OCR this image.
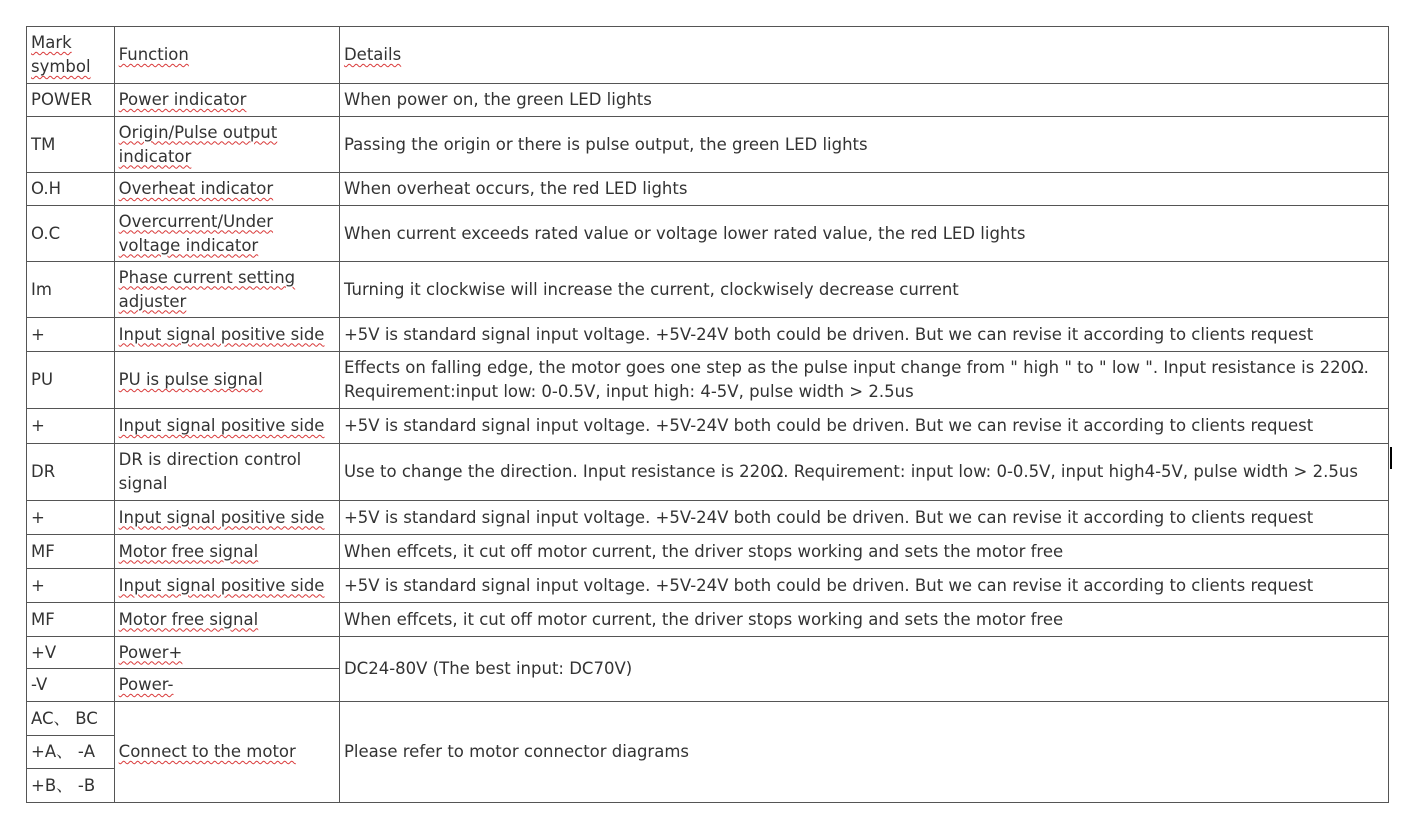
Mark symbol	Function	Details
POWER	Power indicator	When power on, the green LED lights
TM	Origin/Pulse output indicator	Passing the origin or there is pulse output, the green LED lights
O.H	Overheat indicator	When overheat occurs, the red LED lights
O.C	Overcurrent/Under voltage indicator	When current exceeds rated value or voltage lower rated value, the red LED lights
Im	Phase current setting adjuster	Turning it clockwise will increase the current, clockwisely decrease current
+	Input signal positive side	+5V is standard signal input voltage. +5V-24V both could be driven. But we can revise it according to clients request
PU	PU is pulse signal	Effects on falling edge, the motor goes one step as the pulse input change from " high " to " low ". Input resistance is 220Ω.
Requirement:input low: 0-0.5V, input high: 4-5V, pulse width > 2.5us

+	Input signal positive side	+5V is standard signal input voltage. +5V-24V both could be driven. But we can revise it according to clients request
DR	DR is direction control signal	Use to change the direction. Input resistance is 220Ω. Requirement: input low: 0-0.5V, input high4-5V, pulse width > 2.5us
+	Input signal positive side	+5V is standard signal input voltage. +5V-24V both could be driven. But we can revise it according to clients request
MF	Motor free signal	When effcets, it cut off motor current, the driver stops working and sets the motor free
+	Input signal positive side	+5V is standard signal input voltage. +5V-24V both could be driven. But we can revise it according to clients request
MF	Motor free signal	When effcets, it cut off motor current, the driver stops working and sets the motor free
+V	Power+	DC24-80V (The best input: DC70V)
-V	Power-	
AC、 BC	Connect to the motor	Please refer to motor connector diagrams
+A、 -A		
+B、 -B		
